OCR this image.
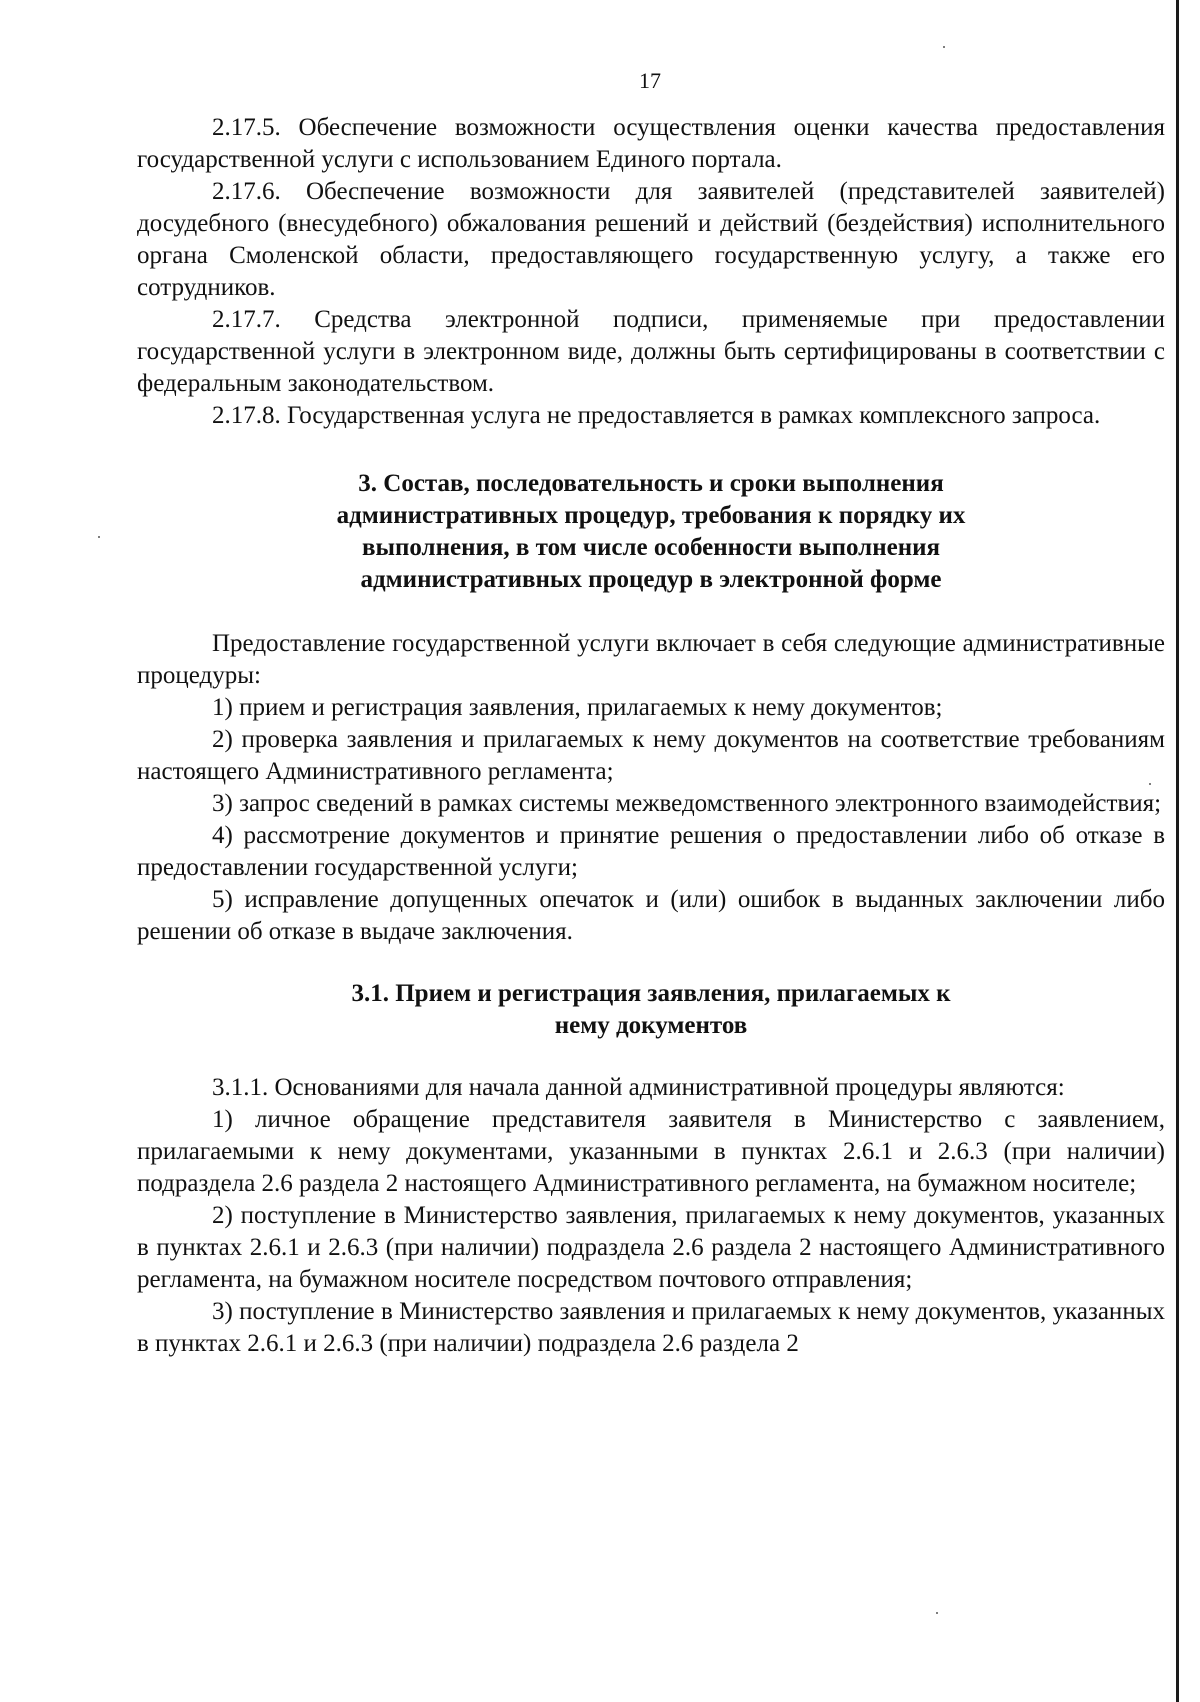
17

2.17.5. Обеспечение возможности осуществления оценки качества предоставления государственной услуги с использованием Единого портала.

2.17.6. Обеспечение возможности для заявителей (представителей заявителей) досудебного (внесудебного) обжалования решений и действий (бездействия) исполнительного органа Смоленской области, предоставляющего государственную услугу, а также его сотрудников.

2.17.7. Средства электронной подписи, применяемые при предоставлении государственной услуги в электронном виде, должны быть сертифицированы в соответствии с федеральным законодательством.

2.17.8. Государственная услуга не предоставляется в рамках комплексного запроса.

3. Состав, последовательность и сроки выполнения административных процедур, требования к порядку их выполнения, в том числе особенности выполнения административных процедур в электронной форме

Предоставление государственной услуги включает в себя следующие административные процедуры:

1) прием и регистрация заявления, прилагаемых к нему документов;

2) проверка заявления и прилагаемых к нему документов на соответствие требованиям настоящего Административного регламента;

3) запрос сведений в рамках системы межведомственного электронного взаимодействия;

4) рассмотрение документов и принятие решения о предоставлении либо об отказе в предоставлении государственной услуги;

5) исправление допущенных опечаток и (или) ошибок в выданных заключении либо решении об отказе в выдаче заключения.

3.1. Прием и регистрация заявления, прилагаемых к нему документов

3.1.1. Основаниями для начала данной административной процедуры являются:

1) личное обращение представителя заявителя в Министерство с заявлением, прилагаемыми к нему документами, указанными в пунктах 2.6.1 и 2.6.3 (при наличии) подраздела 2.6 раздела 2 настоящего Административного регламента, на бумажном носителе;

2) поступление в Министерство заявления, прилагаемых к нему документов, указанных в пунктах 2.6.1 и 2.6.3 (при наличии) подраздела 2.6 раздела 2 настоящего Административного регламента, на бумажном носителе посредством почтового отправления;

3) поступление в Министерство заявления и прилагаемых к нему документов, указанных в пунктах 2.6.1 и 2.6.3 (при наличии) подраздела 2.6 раздела 2
